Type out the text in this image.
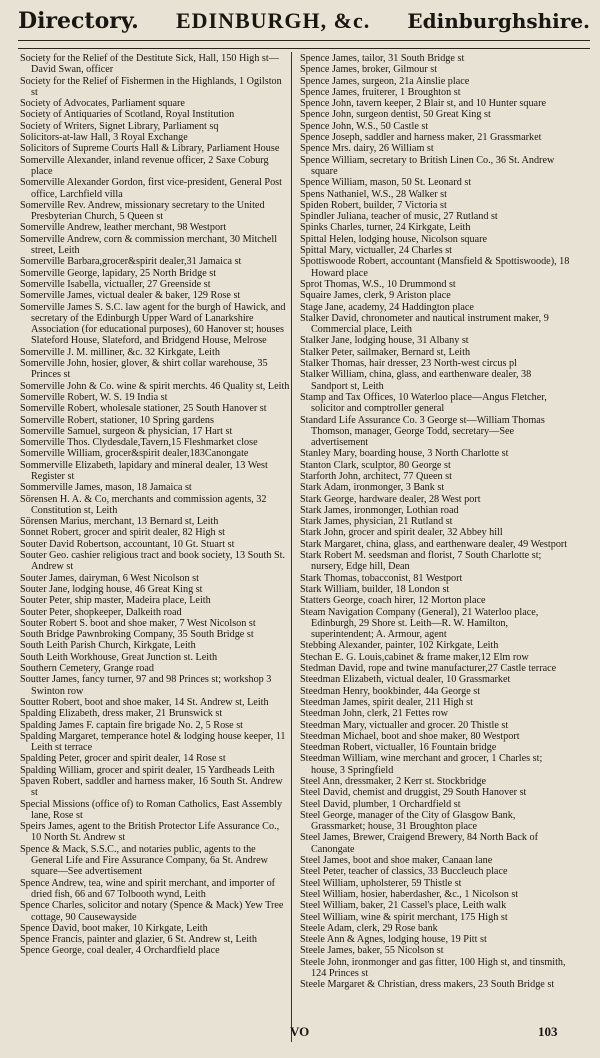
Directory. EDINBURGH, &c. Edinburghshire.
Society for the Relief of the Destitute Sick, Hall, 150 High st—David Swan, officer
Society for the Relief of Fishermen in the Highlands, 1 Ogilston st
Society of Advocates, Parliament square
Society of Antiquaries of Scotland, Royal Institution
Society of Writers, Signet Library, Parliament sq
Solicitors-at-law Hall, 3 Royal Exchange
Solicitors of Supreme Courts Hall & Library, Parliament House
Somerville Alexander, inland revenue officer, 2 Saxe Coburg place
Somerville Alexander Gordon, first vice-president, General Post office, Larchfield villa
Somerville Rev. Andrew, missionary secretary to the United Presbyterian Church, 5 Queen st
Somerville Andrew, leather merchant, 98 Westport
Somerville Andrew, corn & commission merchant, 30 Mitchell street, Leith
Somerville Barbara,grocer&spirit dealer,31 Jamaica st
Somerville George, lapidary, 25 North Bridge st
Somerville Isabella, victualler, 27 Greenside st
Somerville James, victual dealer & baker, 129 Rose st
Somerville James S. S.C. law agent for the burgh of Hawick, and secretary of the Edinburgh Upper Ward of Lanarkshire Association (for educational purposes), 60 Hanover st; houses Slateford House, Slateford, and Bridgend House, Melrose
Somerville J. M. milliner, &c. 32 Kirkgate, Leith
Somerville John, hosier, glover, & shirt collar warehouse, 35 Princes st
Somerville John & Co. wine & spirit merchts. 46 Quality st, Leith
Somerville Robert, W. S. 19 India st
Somerville Robert, wholesale stationer, 25 South Hanover st
Somerville Robert, stationer, 10 Spring gardens
Somerville Samuel, surgeon & physician, 17 Hart st
Somerville Thos. Clydesdale,Tavern,15 Fleshmarket close
Somerville William, grocer&spirit dealer,183Canongate
Sommerville Elizabeth, lapidary and mineral dealer, 13 West Register st
Sommerville James, mason, 18 Jamaica st
Sörensen H. A. & Co, merchants and commission agents, 32 Constitution st, Leith
Sörensen Marius, merchant, 13 Bernard st, Leith
Sonnet Robert, grocer and spirit dealer, 82 High st
Souter David Robertson, accountant, 10 Gt. Stuart st
Souter Geo. cashier religious tract and book society, 13 South St. Andrew st
Souter James, dairyman, 6 West Nicolson st
Souter Jane, lodging house, 46 Great King st
Souter Peter, ship master, Madeira place, Leith
Souter Peter, shopkeeper, Dalkeith road
Souter Robert S. boot and shoe maker, 7 West Nicolson st
South Bridge Pawnbroking Company, 35 South Bridge st
South Leith Parish Church, Kirkgate, Leith
South Leith Workhouse, Great Junction st. Leith
Southern Cemetery, Grange road
Soutter James, fancy turner, 97 and 98 Princes st; workshop 3 Swinton row
Soutter Robert, boot and shoe maker, 14 St. Andrew st, Leith
Spalding Elizabeth, dress maker, 21 Brunswick st
Spalding James F. captain fire brigade No. 2, 5 Rose st
Spalding Margaret, temperance hotel & lodging house keeper, 11 Leith st terrace
Spalding Peter, grocer and spirit dealer, 14 Rose st
Spalding William, grocer and spirit dealer, 15 Yardheads Leith
Spaven Robert, saddler and harness maker, 16 South St. Andrew st
Special Missions (office of) to Roman Catholics, East Assembly lane, Rose st
Speirs James, agent to the British Protector Life Assurance Co., 10 North St. Andrew st
Spence & Mack, S.S.C., and notaries public, agents to the General Life and Fire Assurance Company, 6a St. Andrew square—See advertisement
Spence Andrew, tea, wine and spirit merchant, and importer of dried fish, 66 and 67 Tolbooth wynd, Leith
Spence Charles, solicitor and notary (Spence & Mack) Yew Tree cottage, 90 Causewayside
Spence David, boot maker, 10 Kirkgate, Leith
Spence Francis, painter and glazier, 6 St. Andrew st, Leith
Spence George, coal dealer, 4 Orchardfield place
Spence James, tailor, 31 South Bridge st
Spence James, broker, Gilmour st
Spence James, surgeon, 21a Ainslie place
Spence James, fruiterer, 1 Broughton st
Spence John, tavern keeper, 2 Blair st, and 10 Hunter square
Spence John, surgeon dentist, 50 Great King st
Spence John, W.S., 50 Castle st
Spence Joseph, saddler and harness maker, 21 Grassmarket
Spence Mrs. dairy, 26 William st
Spence William, secretary to British Linen Co., 36 St. Andrew square
Spence William, mason, 50 St. Leonard st
Spens Nathaniel, W.S., 28 Walker st
Spiden Robert, builder, 7 Victoria st
Spindler Juliana, teacher of music, 27 Rutland st
Spinks Charles, turner, 24 Kirkgate, Leith
Spittal Helen, lodging house, Nicolson square
Spittal Mary, victualler, 24 Charles st
Spottiswoode Robert, accountant (Mansfield & Spottiswoode), 18 Howard place
Sprot Thomas, W.S., 10 Drummond st
Squaire James, clerk, 9 Ariston place
Stage Jane, academy, 24 Haddington place
Stalker David, chronometer and nautical instrument maker, 9 Commercial place, Leith
Stalker Jane, lodging house, 31 Albany st
Stalker Peter, sailmaker, Bernard st, Leith
Stalker Thomas, hair dresser, 23 North-west circus pl
Stalker William, china, glass, and earthenware dealer, 38 Sandport st, Leith
Stamp and Tax Offices, 10 Waterloo place—Angus Fletcher, solicitor and comptroller general
Standard Life Assurance Co. 3 George st—William Thomas Thomson, manager, George Todd, secretary—See advertisement
Stanley Mary, boarding house, 3 North Charlotte st
Stanton Clark, sculptor, 80 George st
Starforth John, architect, 77 Queen st
Stark Adam, ironmonger, 3 Bank st
Stark George, hardware dealer, 28 West port
Stark James, ironmonger, Lothian road
Stark James, physician, 21 Rutland st
Stark John, grocer and spirit dealer, 32 Abbey hill
Stark Margaret, china, glass, and earthenware dealer, 49 Westport
Stark Robert M. seedsman and florist, 7 South Charlotte st; nursery, Edge hill, Dean
Stark Thomas, tobacconist, 81 Westport
Stark William, builder, 18 London st
Statters George, coach hirer, 12 Morton place
Steam Navigation Company (General), 21 Waterloo place, Edinburgh, 29 Shore st. Leith—R. W. Hamilton, superintendent; A. Armour, agent
Stebbing Alexander, painter, 102 Kirkgate, Leith
Stechan E. G. Louis,cabinet & frame maker,12 Elm row
Stedman David, rope and twine manufacturer,27 Castle terrace
Steedman Elizabeth, victual dealer, 10 Grassmarket
Steedman Henry, bookbinder, 44a George st
Steedman James, spirit dealer, 211 High st
Steedman John, clerk, 21 Fettes row
Steedman Mary, victualler and grocer. 20 Thistle st
Steedman Michael, boot and shoe maker, 80 Westport
Steedman Robert, victualler, 16 Fountain bridge
Steedman William, wine merchant and grocer, 1 Charles st; house, 3 Springfield
Steel Ann, dressmaker, 2 Kerr st. Stockbridge
Steel David, chemist and druggist, 29 South Hanover st
Steel David, plumber, 1 Orchardfield st
Steel George, manager of the City of Glasgow Bank, Grassmarket; house, 31 Broughton place
Steel James, Brewer, Craigend Brewery, 84 North Back of Canongate
Steel James, boot and shoe maker, Canaan lane
Steel Peter, teacher of classics, 33 Buccleuch place
Steel William, upholsterer, 59 Thistle st
Steel William, hosier, haberdasher, &c., 1 Nicolson st
Steel William, baker, 21 Cassel's place, Leith walk
Steel William, wine & spirit merchant, 175 High st
Steele Adam, clerk, 29 Rose bank
Steele Ann & Agnes, lodging house, 19 Pitt st
Steele James, baker, 55 Nicolson st
Steele John, ironmonger and gas fitter, 100 High st, and tinsmith, 124 Princes st
Steele Margaret & Christian, dress makers, 23 South Bridge st
VO	103
